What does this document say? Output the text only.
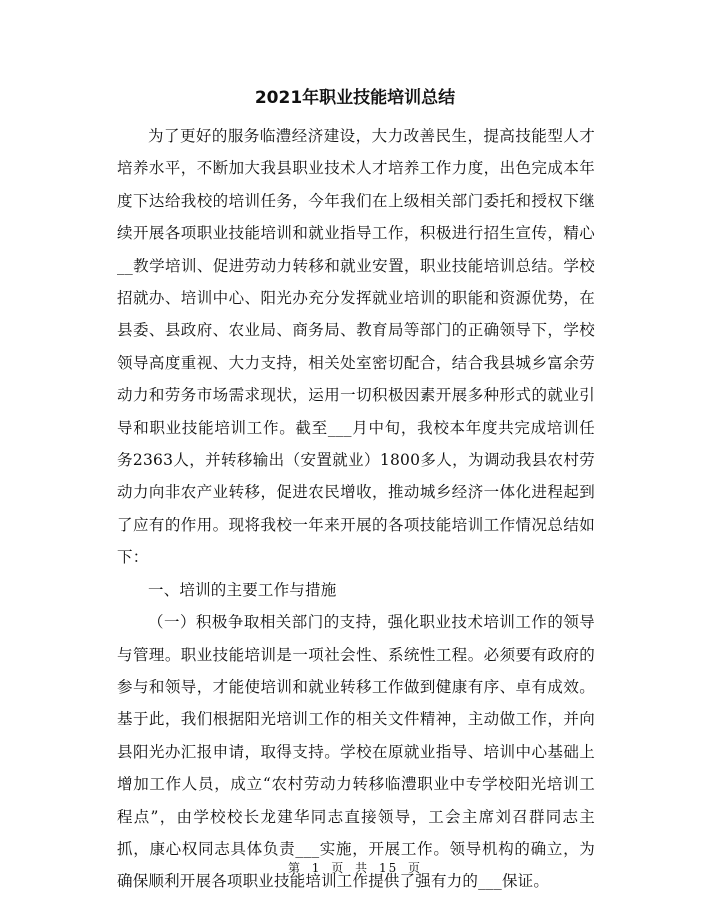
2021年职业技能培训总结

为了更好的服务临澧经济建设，大力改善民生，提高技能型人才培养水平，不断加大我县职业技术人才培养工作力度，出色完成本年度下达给我校的培训任务，今年我们在上级相关部门委托和授权下继续开展各项职业技能培训和就业指导工作，积极进行招生宣传，精心__教学培训、促进劳动力转移和就业安置，职业技能培训总结。学校招就办、培训中心、阳光办充分发挥就业培训的职能和资源优势，在县委、县政府、农业局、商务局、教育局等部门的正确领导下，学校领导高度重视、大力支持，相关处室密切配合，结合我县城乡富余劳动力和劳务市场需求现状，运用一切积极因素开展多种形式的就业引导和职业技能培训工作。截至___月中旬，我校本年度共完成培训任务2363人，并转移输出（安置就业）1800多人，为调动我县农村劳动力向非农产业转移，促进农民增收，推动城乡经济一体化进程起到了应有的作用。现将我校一年来开展的各项技能培训工作情况总结如下：

一、培训的主要工作与措施

（一）积极争取相关部门的支持，强化职业技术培训工作的领导与管理。职业技能培训是一项社会性、系统性工程。必须要有政府的参与和领导，才能使培训和就业转移工作做到健康有序、卓有成效。基于此，我们根据阳光培训工作的相关文件精神，主动做工作，并向县阳光办汇报申请，取得支持。学校在原就业指导、培训中心基础上增加工作人员，成立“农村劳动力转移临澧职业中专学校阳光培训工程点”，由学校校长龙建华同志直接领导，工会主席刘召群同志主抓，康心权同志具体负责___实施，开展工作。领导机构的确立，为确保顺利开展各项职业技能培训工作提供了强有力的___保证。

第 1 页 共 15 页
